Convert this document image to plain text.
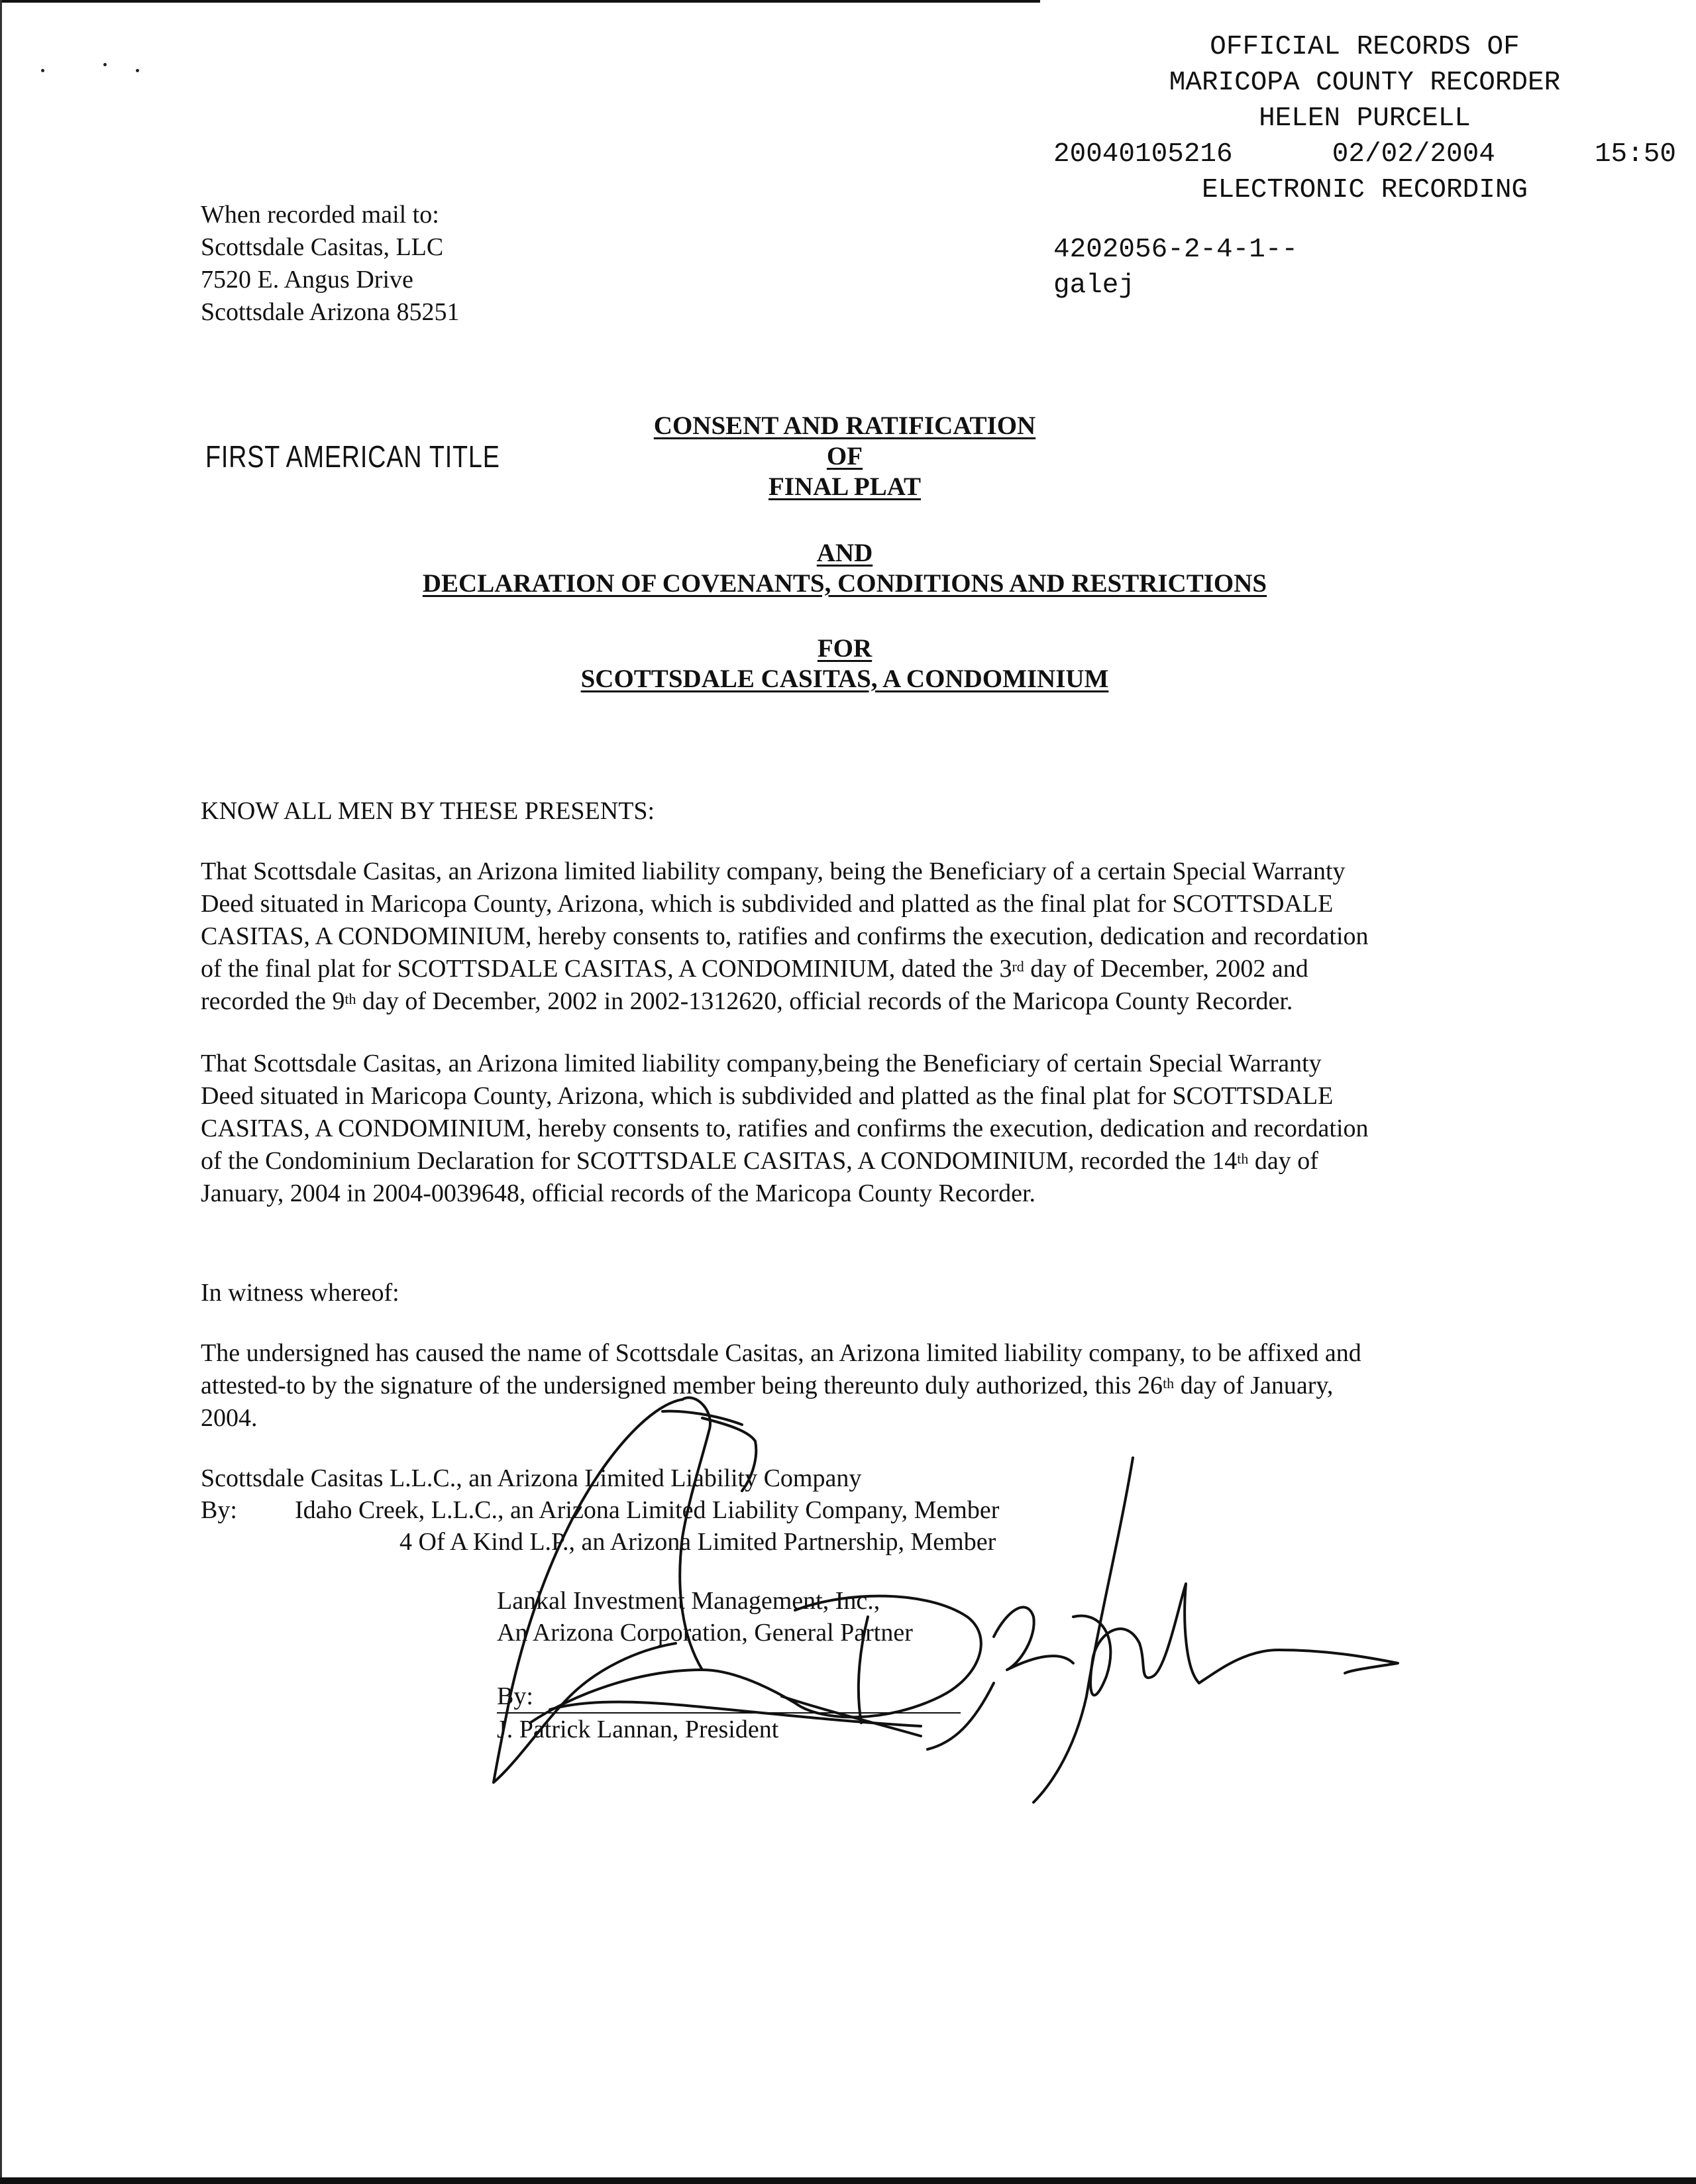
OFFICIAL RECORDS OF
MARICOPA COUNTY RECORDER
HELEN PURCELL
20040105216	02/02/2004	15:50
ELECTRONIC RECORDING
4202056-2-4-1--
galej
When recorded mail to:
Scottsdale Casitas, LLC
7520 E. Angus Drive
Scottsdale Arizona 85251
FIRST AMERICAN TITLE
CONSENT AND RATIFICATION
OF
FINAL PLAT
AND
DECLARATION OF COVENANTS, CONDITIONS AND RESTRICTIONS
FOR
SCOTTSDALE CASITAS, A CONDOMINIUM

KNOW ALL MEN BY THESE PRESENTS:

That Scottsdale Casitas, an Arizona limited liability company, being the Beneficiary of a certain Special Warranty

Deed situated in Maricopa County, Arizona, which is subdivided and platted as the final plat for SCOTTSDALE

CASITAS, A CONDOMINIUM, hereby consents to, ratifies and confirms the execution, dedication and recordation

of the final plat for SCOTTSDALE CASITAS, A CONDOMINIUM, dated the 3rd day of December, 2002 and

recorded the 9th day of December, 2002 in 2002-1312620, official records of the Maricopa County Recorder.

That Scottsdale Casitas, an Arizona limited liability company,being the Beneficiary of certain Special Warranty

Deed situated in Maricopa County, Arizona, which is subdivided and platted as the final plat for SCOTTSDALE

CASITAS, A CONDOMINIUM, hereby consents to, ratifies and confirms the execution, dedication and recordation

of the Condominium Declaration for SCOTTSDALE CASITAS, A CONDOMINIUM, recorded the 14th day of

January, 2004 in 2004-0039648, official records of the Maricopa County Recorder.

In witness whereof:

The undersigned has caused the name of Scottsdale Casitas, an Arizona limited liability company, to be affixed and

attested-to by the signature of the undersigned member being thereunto duly authorized, this 26th day of January,

2004.

Scottsdale Casitas L.L.C., an Arizona Limited Liability Company
By:	Idaho Creek, L.L.C., an Arizona Limited Liability Company, Member
4 Of A Kind L.P., an Arizona Limited Partnership, Member
Lankal Investment Management, Inc.,
An Arizona Corporation, General Partner
By:
J. Patrick Lannan, President
